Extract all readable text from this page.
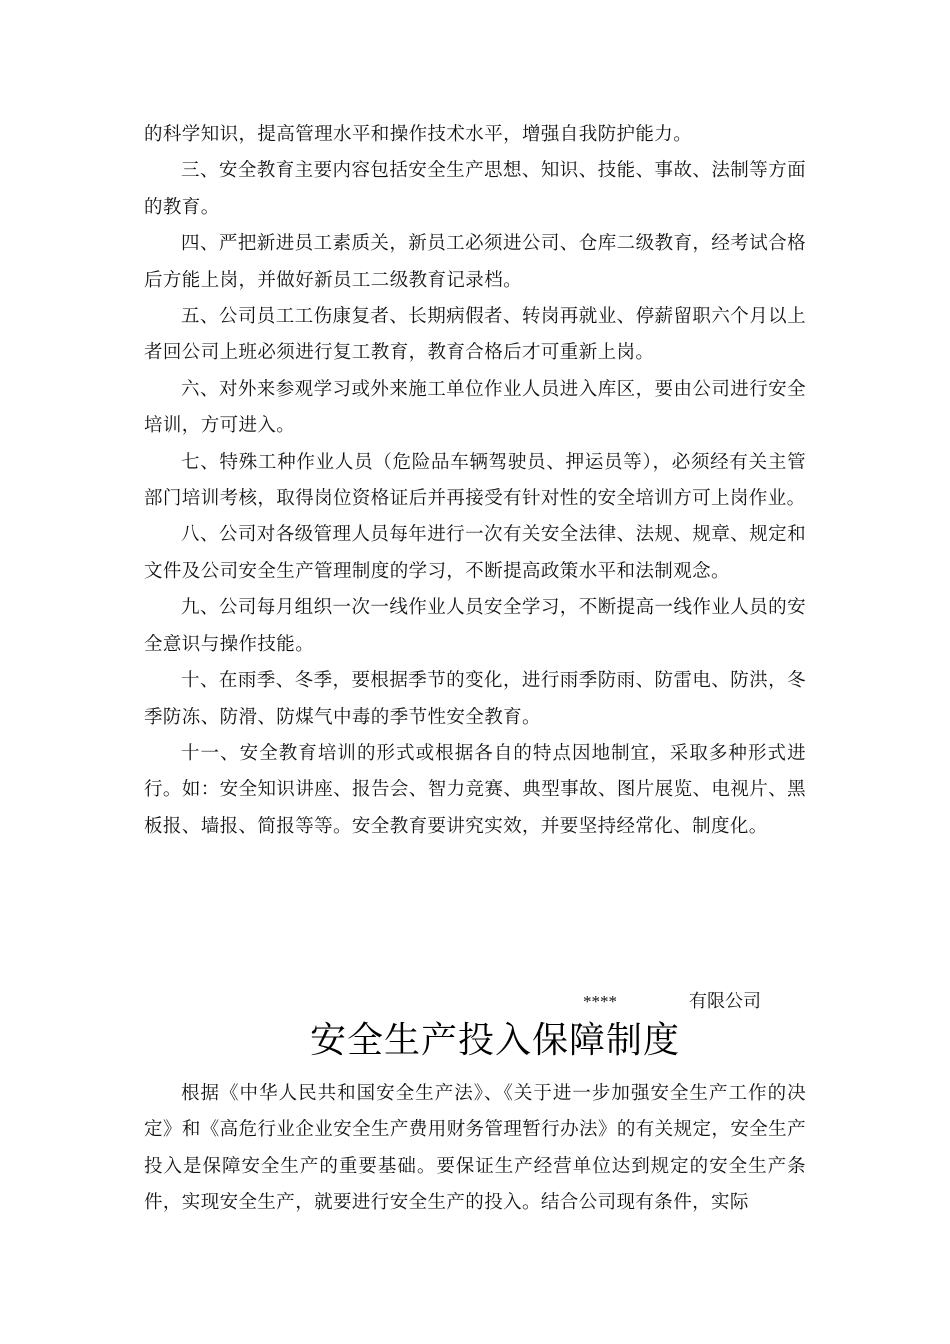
的科学知识，提高管理水平和操作技术水平，增强自我防护能力。

三、安全教育主要内容包括安全生产思想、知识、技能、事故、法制等方面的教育。

四、严把新进员工素质关，新员工必须进公司、仓库二级教育，经考试合格后方能上岗，并做好新员工二级教育记录档。

五、公司员工工伤康复者、长期病假者、转岗再就业、停薪留职六个月以上者回公司上班必须进行复工教育，教育合格后才可重新上岗。

六、对外来参观学习或外来施工单位作业人员进入库区，要由公司进行安全培训，方可进入。

七、特殊工种作业人员（危险品车辆驾驶员、押运员等），必须经有关主管部门培训考核，取得岗位资格证后并再接受有针对性的安全培训方可上岗作业。

八、公司对各级管理人员每年进行一次有关安全法律、法规、规章、规定和文件及公司安全生产管理制度的学习，不断提高政策水平和法制观念。

九、公司每月组织一次一线作业人员安全学习，不断提高一线作业人员的安全意识与操作技能。

十、在雨季、冬季，要根据季节的变化，进行雨季防雨、防雷电、防洪，冬季防冻、防滑、防煤气中毒的季节性安全教育。

十一、安全教育培训的形式或根据各自的特点因地制宜，采取多种形式进行。如：安全知识讲座、报告会、智力竞赛、典型事故、图片展览、电视片、黑板报、墙报、简报等等。安全教育要讲究实效，并要坚持经常化、制度化。

****	有限公司
安全生产投入保障制度

根据《中华人民共和国安全生产法》、《关于进一步加强安全生产工作的决定》和《高危行业企业安全生产费用财务管理暂行办法》的有关规定，安全生产投入是保障安全生产的重要基础。要保证生产经营单位达到规定的安全生产条件，实现安全生产，就要进行安全生产的投入。结合公司现有条件，实际
